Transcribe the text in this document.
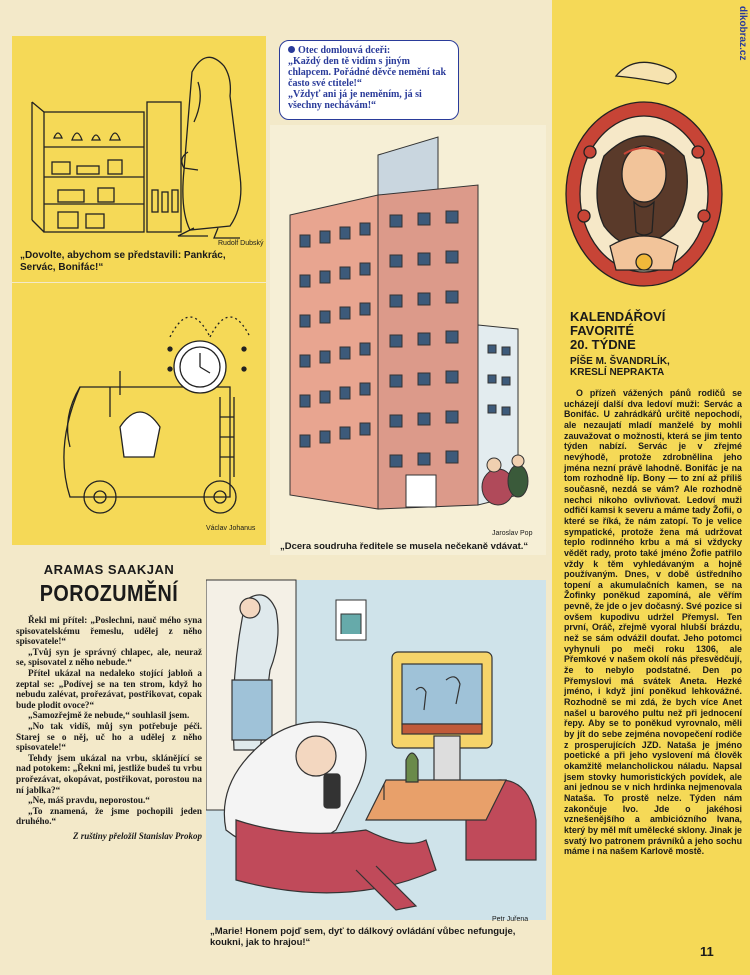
Rudolf Dubský
„Dovolte, abychom se představili: Pankrác, Servác, Bonifác!“
Václav Johanus
Otec domlouvá dceři:
„Každý den tě vidím s jiným chlapcem. Pořádné děvče nemění tak často své ctitele!“
„Vždyť ani já je neměním, já si všechny nechávám!“
Jaroslav Pop
„Dcera soudruha ředitele se musela nečekaně vdávat.“
ARAMAS SAAKJAN
POROZUMĚNÍ

Řekl mi přítel: „Poslechni, nauč mého syna spisovatelskému řemeslu, udělej z něho spisovatele!“

„Tvůj syn je správný chlapec, ale, neuraž se, spisovatel z něho nebude.“

Přítel ukázal na nedaleko stojící jabloň a zeptal se: „Podívej se na ten strom, když ho nebudu zalévat, prořezávat, postřikovat, copak bude plodit ovoce?“

„Samozřejmě že nebude,“ souhlasil jsem.

„No tak vidíš, můj syn potřebuje péči. Starej se o něj, uč ho a udělej z něho spisovatele!“

Tehdy jsem ukázal na vrbu, sklánějící se nad potokem: „Řekni mi, jestliže budeš tu vrbu prořezávat, okopávat, postřikovat, porostou na ní jablka?“

„Ne, máš pravdu, neporostou.“

„To znamená, že jsme pochopili jeden druhého.“

Z ruštiny přeložil Stanislav Prokop
Petr Juřena
„Marie! Honem pojď sem, dyť to dálkový ovládání vůbec nefunguje, koukni, jak to hrajou!“
KALENDÁŘOVÍ
FAVORITÉ
20. TÝDNE
PÍŠE M. ŠVANDRLÍK,
KRESLÍ NEPRAKTA

O přízeň vážených pánů rodičů se ucházejí další dva ledoví muži: Servác a Bonifác. U zahrádkářů určitě nepochodí, ale nezaujatí mladí manželé by mohli zauvažovat o možnosti, která se jim tento týden nabízí. Servác je v zřejmé nevýhodě, protože zdrobnělina jeho jména nezní právě lahodně. Bonifác je na tom rozhodně líp. Bony — to zní až příliš současně, nezdá se vám? Ale rozhodně nechci nikoho ovlivňovat. Ledoví muži odfičí kamsi k severu a máme tady Žofii, o které se říká, že nám zatopí. To je velice sympatické, protože žena má udržovat teplo rodinného krbu a má si vždycky vědět rady, proto také jméno Žofie patřilo vždy k těm vyhledávaným a hojně používaným. Dnes, v době ústředního topení a akumulačních kamen, se na Žofinky poněkud zapomíná, ale věřím pevně, že jde o jev dočasný. Své pozice si ovšem kupodivu udržel Přemysl. Ten první, Oráč, zřejmě vyoral hlubší brázdu, než se sám odvážil doufat. Jeho potomci vyhynuli po meči roku 1306, ale Přemkové v našem okolí nás přesvědčují, že to nebylo podstatné. Den po Přemyslovi má svátek Aneta. Hezké jméno, i když jiní poněkud lehkovážné. Rozhodně se mi zdá, že bych více Anet našel u barového pultu než při jednocení řepy. Aby se to poněkud vyrovnalo, měli by jít do sebe zejména novopečení rodiče z prosperujících JZD. Nataša je jméno poetické a při jeho vyslovení má člověk okamžitě melancholickou náladu. Napsal jsem stovky humoristických povídek, ale ani jednou se v nich hrdinka nejmenovala Nataša. To prostě nelze. Týden nám zakončuje Ivo. Jde o jakéhosi vznešenějšího a ambiciózního Ivana, který by měl mít umělecké sklony. Jinak je svatý Ivo patronem právníků a jeho sochu máme i na našem Karlově mostě.

dikobraz.cz
11
